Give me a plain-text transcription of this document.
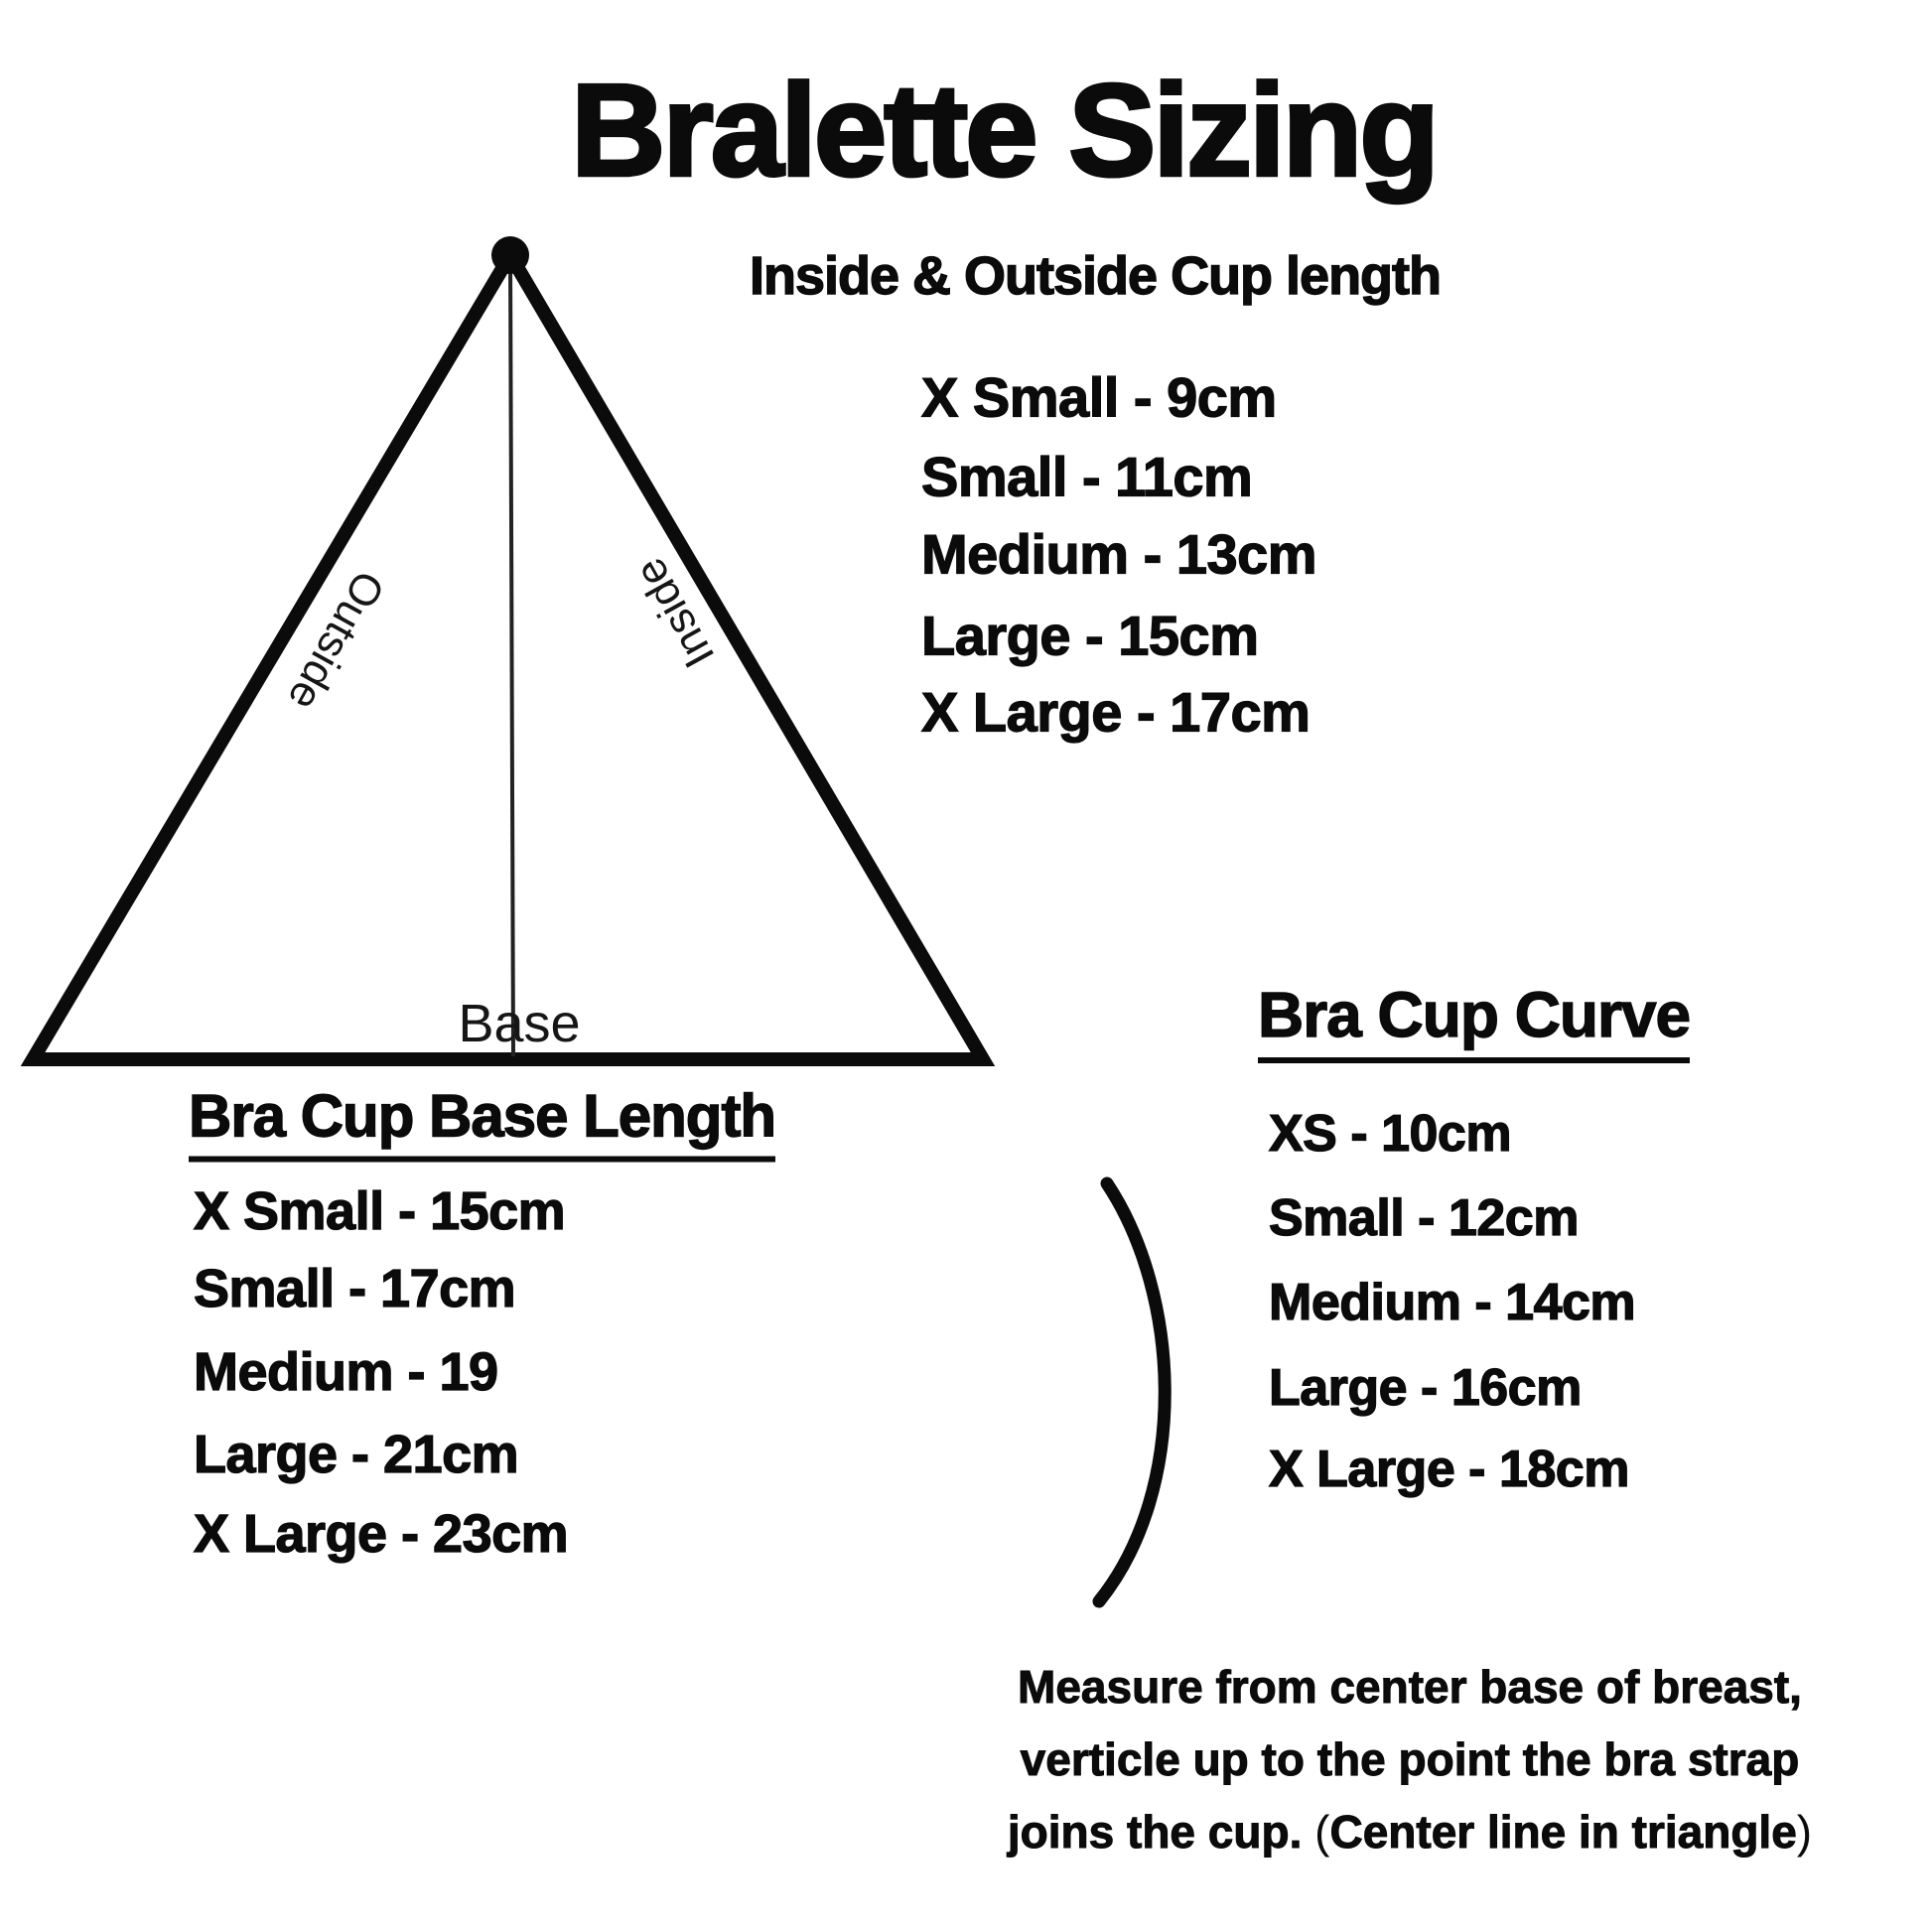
Bralette Sizing
Outside	Inside
Base
Inside & Outside Cup length
X Small - 9cm
Small - 11cm
Medium - 13cm
Large - 15cm
X Large - 17cm
Bra Cup Base Length
X Small - 15cm
Small - 17cm
Medium - 19
Large - 21cm
X Large - 23cm
Bra Cup Curve
XS - 10cm
Small - 12cm
Medium - 14cm
Large - 16cm
X Large - 18cm
Measure from center base of breast,
verticle up to the point the bra strap
joins the cup. (Center line in triangle)
